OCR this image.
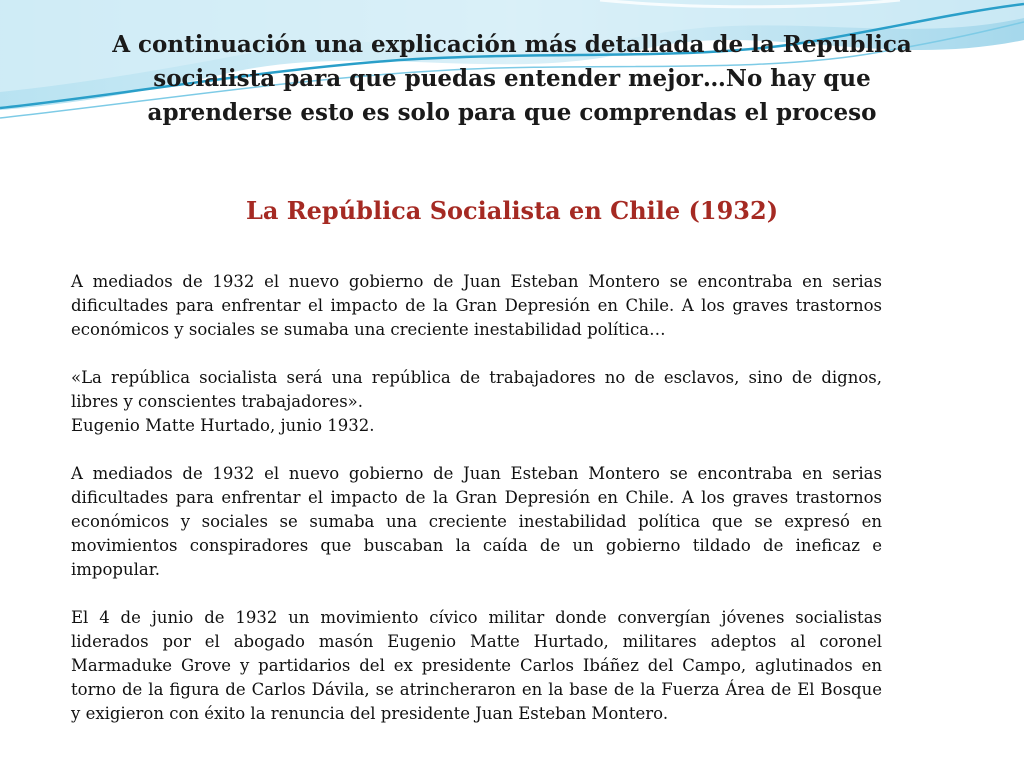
A continuación una explicación más detallada de la Republica socialista para que puedas entender mejor…No hay que aprenderse esto es solo para que comprendas el proceso
La República Socialista en Chile (1932)

A mediados de 1932 el nuevo gobierno de Juan Esteban Montero se encontraba en serias dificultades para enfrentar el impacto de la Gran Depresión en Chile. A los graves trastornos económicos y sociales se sumaba una creciente inestabilidad política…

«La república socialista será una república de trabajadores no de esclavos, sino de dignos, libres y conscientes trabajadores».

Eugenio Matte Hurtado, junio 1932.

A mediados de 1932 el nuevo gobierno de Juan Esteban Montero se encontraba en serias dificultades para enfrentar el impacto de la Gran Depresión en Chile. A los graves trastornos económicos y sociales se sumaba una creciente inestabilidad política que se expresó en movimientos conspiradores que buscaban la caída de un gobierno tildado de ineficaz e impopular.

El 4 de junio de 1932 un movimiento cívico militar donde convergían jóvenes socialistas liderados por el abogado masón Eugenio Matte Hurtado, militares adeptos al coronel Marmaduke Grove y partidarios del ex presidente Carlos Ibáñez del Campo, aglutinados en torno de la figura de Carlos Dávila, se atrincheraron en la base de la Fuerza Área de El Bosque y exigieron con éxito la renuncia del presidente Juan Esteban Montero.
